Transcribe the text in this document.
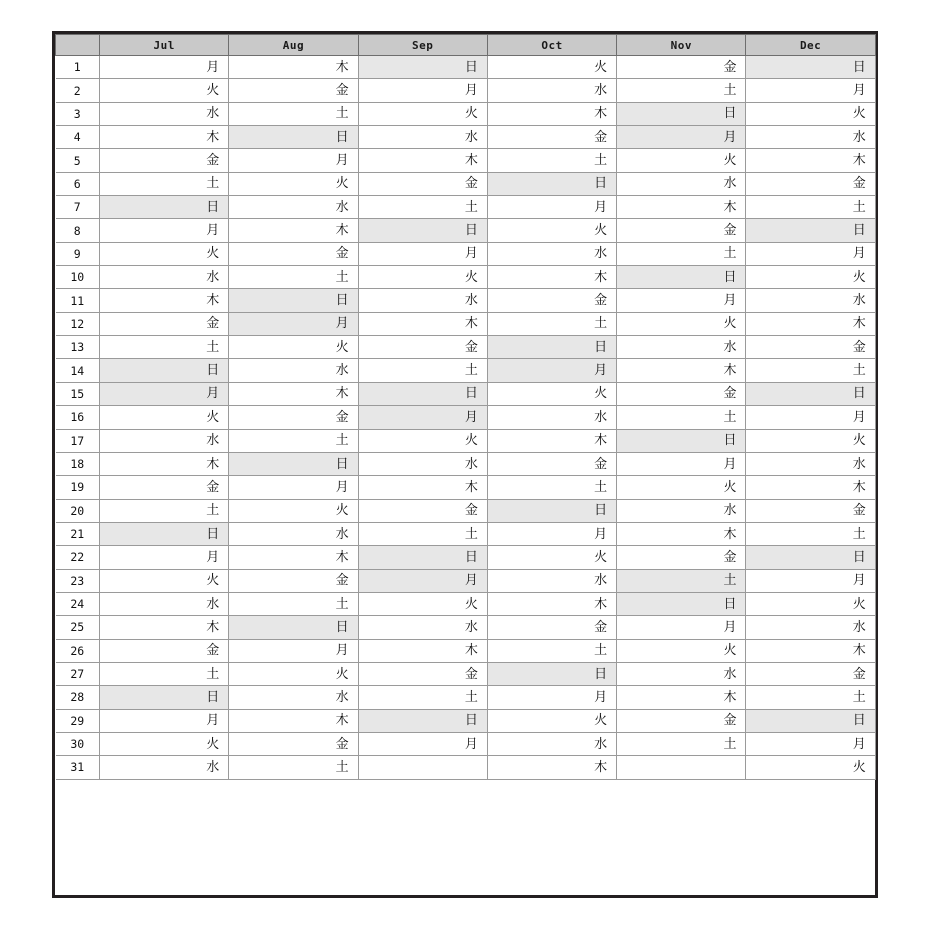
	Jul	Aug	Sep	Oct	Nov	Dec
1	月	木	日	火	金	日
2	火	金	月	水	土	月
3	水	土	火	木	日	火
4	木	日	水	金	月	水
5	金	月	木	土	火	木
6	土	火	金	日	水	金
7	日	水	土	月	木	土
8	月	木	日	火	金	日
9	火	金	月	水	土	月
10	水	土	火	木	日	火
11	木	日	水	金	月	水
12	金	月	木	土	火	木
13	土	火	金	日	水	金
14	日	水	土	月	木	土
15	月	木	日	火	金	日
16	火	金	月	水	土	月
17	水	土	火	木	日	火
18	木	日	水	金	月	水
19	金	月	木	土	火	木
20	土	火	金	日	水	金
21	日	水	土	月	木	土
22	月	木	日	火	金	日
23	火	金	月	水	土	月
24	水	土	火	木	日	火
25	木	日	水	金	月	水
26	金	月	木	土	火	木
27	土	火	金	日	水	金
28	日	水	土	月	木	土
29	月	木	日	火	金	日
30	火	金	月	水	土	月
31	水	土		木		火
